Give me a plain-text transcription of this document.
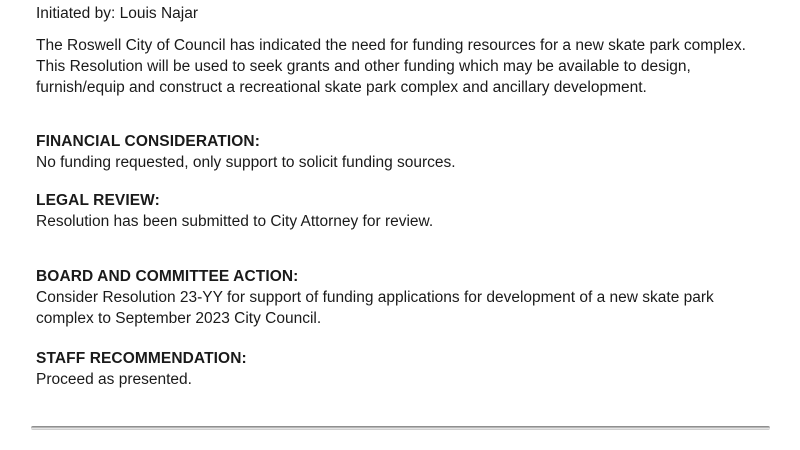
Initiated by: Louis Najar

The Roswell City of Council has indicated the need for funding resources for a new skate park complex.
This Resolution will be used to seek grants and other funding which may be available to design,
furnish/equip and construct a recreational skate park complex and ancillary development.
FINANCIAL CONSIDERATION:
No funding requested, only support to solicit funding sources.
LEGAL REVIEW:
Resolution has been submitted to City Attorney for review.
BOARD AND COMMITTEE ACTION:
Consider Resolution 23-YY for support of funding applications for development of a new skate park
complex to September 2023 City Council.
STAFF RECOMMENDATION:
Proceed as presented.
